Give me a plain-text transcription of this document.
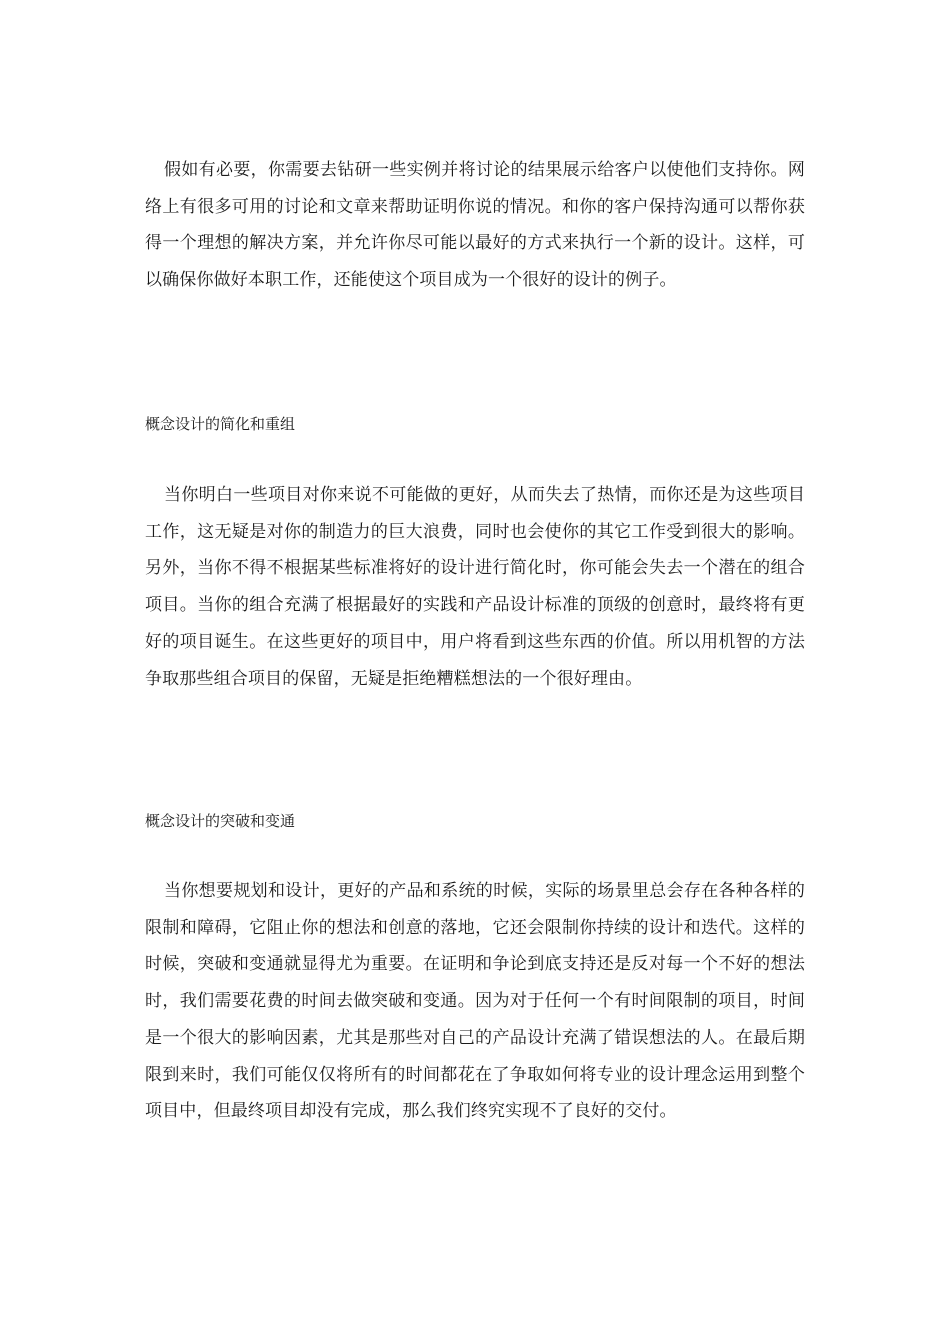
假如有必要，你需要去钻研一些实例并将讨论的结果展示给客户以使他们支持你。网络上有很多可用的讨论和文章来帮助证明你说的情况。和你的客户保持沟通可以帮你获得一个理想的解决方案，并允许你尽可能以最好的方式来执行一个新的设计。这样，可以确保你做好本职工作，还能使这个项目成为一个很好的设计的例子。

概念设计的简化和重组

当你明白一些项目对你来说不可能做的更好，从而失去了热情，而你还是为这些项目工作，这无疑是对你的制造力的巨大浪费，同时也会使你的其它工作受到很大的影响。另外，当你不得不根据某些标准将好的设计进行简化时，你可能会失去一个潜在的组合项目。当你的组合充满了根据最好的实践和产品设计标准的顶级的创意时，最终将有更好的项目诞生。在这些更好的项目中，用户将看到这些东西的价值。所以用机智的方法争取那些组合项目的保留，无疑是拒绝糟糕想法的一个很好理由。

概念设计的突破和变通

当你想要规划和设计，更好的产品和系统的时候，实际的场景里总会存在各种各样的限制和障碍，它阻止你的想法和创意的落地，它还会限制你持续的设计和迭代。这样的时候，突破和变通就显得尤为重要。在证明和争论到底支持还是反对每一个不好的想法时，我们需要花费的时间去做突破和变通。因为对于任何一个有时间限制的项目，时间是一个很大的影响因素，尤其是那些对自己的产品设计充满了错误想法的人。在最后期限到来时，我们可能仅仅将所有的时间都花在了争取如何将专业的设计理念运用到整个项目中，但最终项目却没有完成，那么我们终究实现不了良好的交付。
